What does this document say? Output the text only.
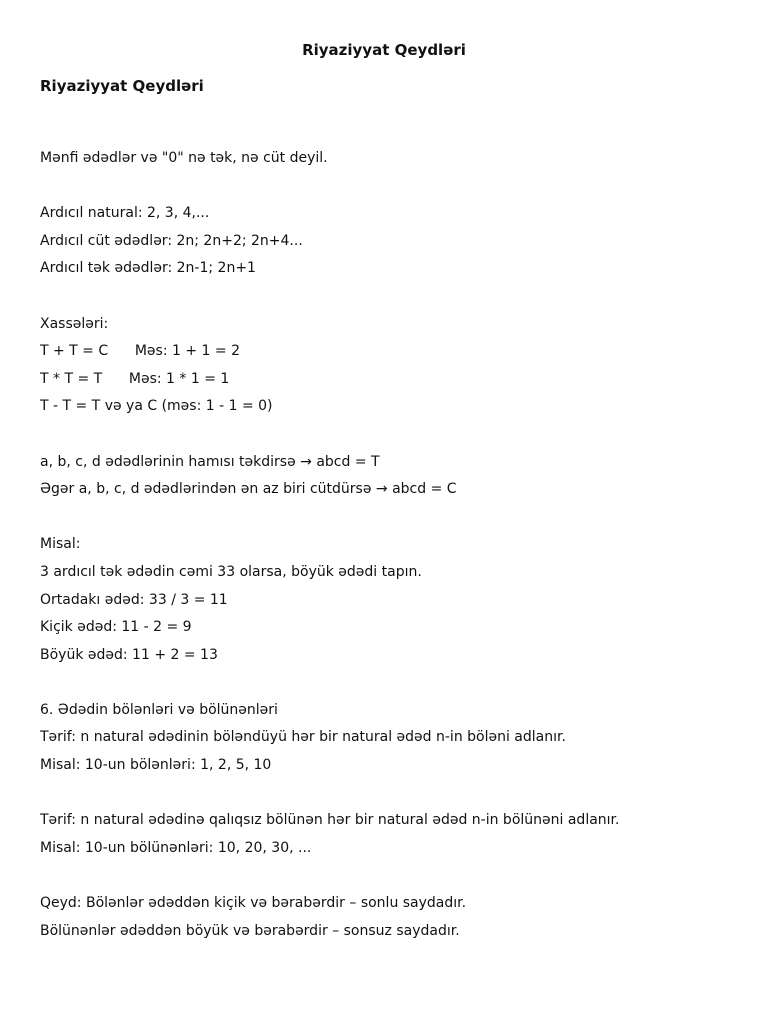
Riyaziyyat Qeydləri
Riyaziyyat Qeydləri
Mənfi ədədlər və "0" nə tək, nə cüt deyil.
Ardıcıl natural: 2, 3, 4,...
Ardıcıl cüt ədədlər: 2n; 2n+2; 2n+4...
Ardıcıl tək ədədlər: 2n-1; 2n+1
Xassələri:
T + T = C      Məs: 1 + 1 = 2
T * T = T      Məs: 1 * 1 = 1
T - T = T və ya C (məs: 1 - 1 = 0)
a, b, c, d ədədlərinin hamısı təkdirsə → abcd = T
Əgər a, b, c, d ədədlərindən ən az biri cütdürsə → abcd = C
Misal:
3 ardıcıl tək ədədin cəmi 33 olarsa, böyük ədədi tapın.
Ortadakı ədəd: 33 / 3 = 11
Kiçik ədəd: 11 - 2 = 9
Böyük ədəd: 11 + 2 = 13
6. Ədədin bölənləri və bölünənləri
Tərif: n natural ədədinin böləndüyü hər bir natural ədəd n-in böləni adlanır.
Misal: 10-un bölənləri: 1, 2, 5, 10
Tərif: n natural ədədinə qalıqsız bölünən hər bir natural ədəd n-in bölünəni adlanır.
Misal: 10-un bölünənləri: 10, 20, 30, ...
Qeyd: Bölənlər ədəddən kiçik və bərabərdir – sonlu saydadır.
Bölünənlər ədəddən böyük və bərabərdir – sonsuz saydadır.
